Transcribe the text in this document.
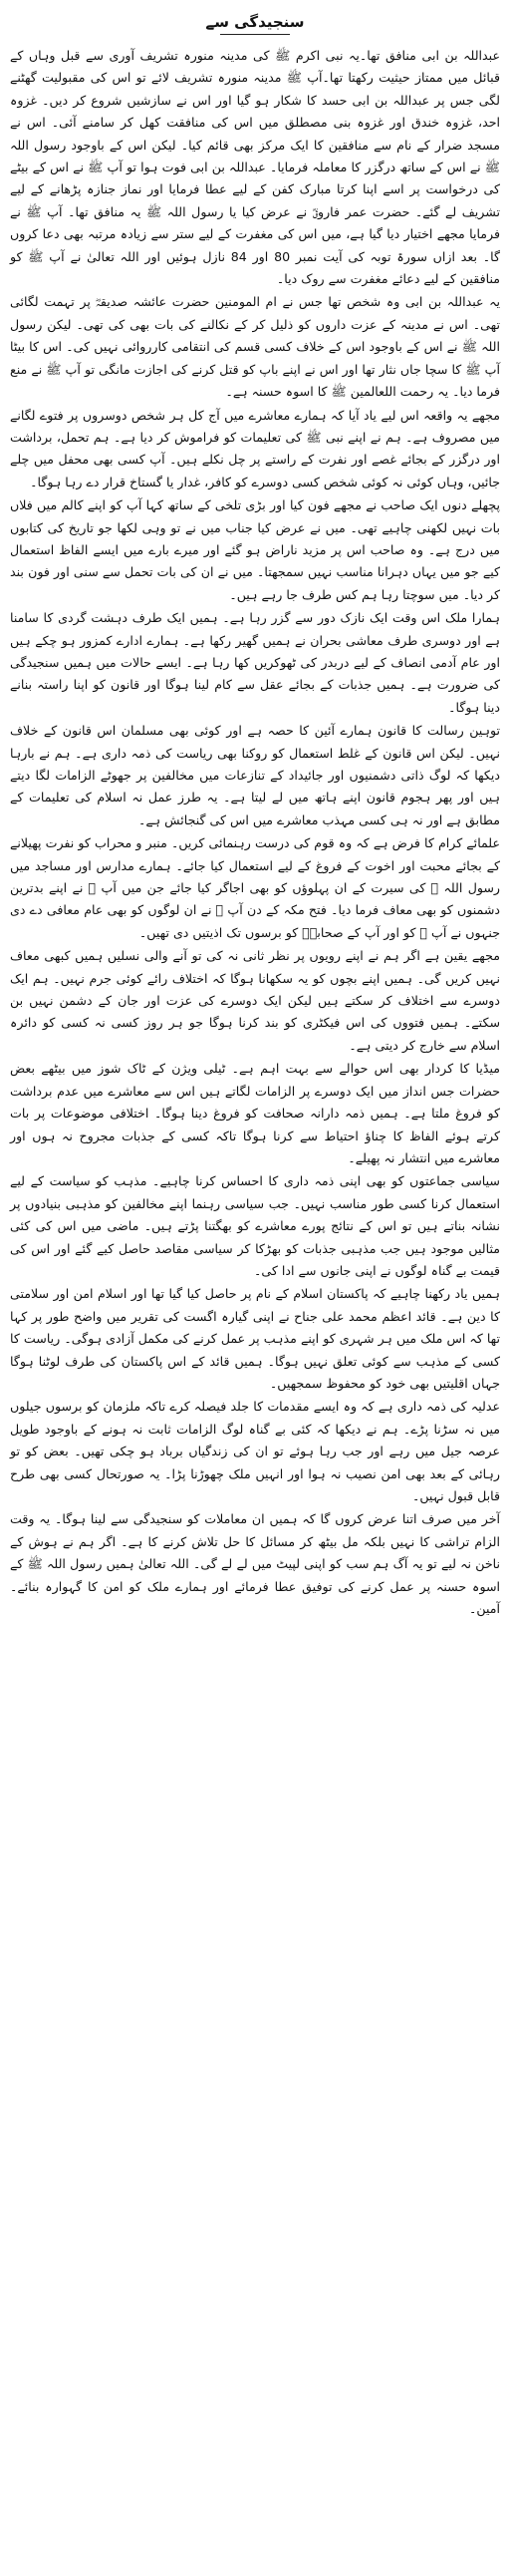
سنجیدگی سے

عبداللہ بن ابی منافق تھا۔یہ نبی اکرم ﷺ کی مدینہ منورہ تشریف آوری سے قبل وہاں کے قبائل میں ممتاز حیثیت رکھتا تھا۔آپ ﷺ مدینہ منورہ تشریف لائے تو اس کی مقبولیت گھٹنے لگی جس پر عبداللہ بن ابی حسد کا شکار ہو گیا اور اس نے سازشیں شروع کر دیں۔ غزوہ احد، غزوہ خندق اور غزوہ بنی مصطلق میں اس کی منافقت کھل کر سامنے آئی۔ اس نے مسجد ضرار کے نام سے منافقین کا ایک مرکز بھی قائم کیا۔ لیکن اس کے باوجود رسول اللہ ﷺ نے اس کے ساتھ درگزر کا معاملہ فرمایا۔ عبداللہ بن ابی فوت ہوا تو آپ ﷺ نے اس کے بیٹے کی درخواست پر اسے اپنا کرتا مبارک کفن کے لیے عطا فرمایا اور نماز جنازہ پڑھانے کے لیے تشریف لے گئے۔ حضرت عمر فاروقؓ نے عرض کیا یا رسول اللہ ﷺ یہ منافق تھا۔ آپ ﷺ نے فرمایا مجھے اختیار دیا گیا ہے، میں اس کی مغفرت کے لیے ستر سے زیادہ مرتبہ بھی دعا کروں گا۔ بعد ازاں سورۃ توبہ کی آیت نمبر 80 اور 84 نازل ہوئیں اور اللہ تعالیٰ نے آپ ﷺ کو منافقین کے لیے دعائے مغفرت سے روک دیا۔

یہ عبداللہ بن ابی وہ شخص تھا جس نے ام المومنین حضرت عائشہ صدیقہؓ پر تہمت لگائی تھی۔ اس نے مدینہ کے عزت داروں کو ذلیل کر کے نکالنے کی بات بھی کی تھی۔ لیکن رسول اللہ ﷺ نے اس کے باوجود اس کے خلاف کسی قسم کی انتقامی کارروائی نہیں کی۔ اس کا بیٹا آپ ﷺ کا سچا جاں نثار تھا اور اس نے اپنے باپ کو قتل کرنے کی اجازت مانگی تو آپ ﷺ نے منع فرما دیا۔ یہ رحمت اللعالمین ﷺ کا اسوہ حسنہ ہے۔

مجھے یہ واقعہ اس لیے یاد آیا کہ ہمارے معاشرے میں آج کل ہر شخص دوسروں پر فتوے لگانے میں مصروف ہے۔ ہم نے اپنے نبی ﷺ کی تعلیمات کو فراموش کر دیا ہے۔ ہم تحمل، برداشت اور درگزر کے بجائے غصے اور نفرت کے راستے پر چل نکلے ہیں۔ آپ کسی بھی محفل میں چلے جائیں، وہاں کوئی نہ کوئی شخص کسی دوسرے کو کافر، غدار یا گستاخ قرار دے رہا ہوگا۔

پچھلے دنوں ایک صاحب نے مجھے فون کیا اور بڑی تلخی کے ساتھ کہا آپ کو اپنے کالم میں فلاں بات نہیں لکھنی چاہیے تھی۔ میں نے عرض کیا جناب میں نے تو وہی لکھا جو تاریخ کی کتابوں میں درج ہے۔ وہ صاحب اس پر مزید ناراض ہو گئے اور میرے بارے میں ایسے الفاظ استعمال کیے جو میں یہاں دہرانا مناسب نہیں سمجھتا۔ میں نے ان کی بات تحمل سے سنی اور فون بند کر دیا۔ میں سوچتا رہا ہم کس طرف جا رہے ہیں۔

ہمارا ملک اس وقت ایک نازک دور سے گزر رہا ہے۔ ہمیں ایک طرف دہشت گردی کا سامنا ہے اور دوسری طرف معاشی بحران نے ہمیں گھیر رکھا ہے۔ ہمارے ادارے کمزور ہو چکے ہیں اور عام آدمی انصاف کے لیے دربدر کی ٹھوکریں کھا رہا ہے۔ ایسے حالات میں ہمیں سنجیدگی کی ضرورت ہے۔ ہمیں جذبات کے بجائے عقل سے کام لینا ہوگا اور قانون کو اپنا راستہ بنانے دینا ہوگا۔

توہین رسالت کا قانون ہمارے آئین کا حصہ ہے اور کوئی بھی مسلمان اس قانون کے خلاف نہیں۔ لیکن اس قانون کے غلط استعمال کو روکنا بھی ریاست کی ذمہ داری ہے۔ ہم نے بارہا دیکھا کہ لوگ ذاتی دشمنیوں اور جائیداد کے تنازعات میں مخالفین پر جھوٹے الزامات لگا دیتے ہیں اور پھر ہجوم قانون اپنے ہاتھ میں لے لیتا ہے۔ یہ طرز عمل نہ اسلام کی تعلیمات کے مطابق ہے اور نہ ہی کسی مہذب معاشرے میں اس کی گنجائش ہے۔

علمائے کرام کا فرض ہے کہ وہ قوم کی درست رہنمائی کریں۔ منبر و محراب کو نفرت پھیلانے کے بجائے محبت اور اخوت کے فروغ کے لیے استعمال کیا جائے۔ ہمارے مدارس اور مساجد میں رسول اللہ ﷺ کی سیرت کے ان پہلوؤں کو بھی اجاگر کیا جائے جن میں آپ ﷺ نے اپنے بدترین دشمنوں کو بھی معاف فرما دیا۔ فتح مکہ کے دن آپ ﷺ نے ان لوگوں کو بھی عام معافی دے دی جنہوں نے آپ ﷺ کو اور آپ کے صحابہؓ کو برسوں تک اذیتیں دی تھیں۔

مجھے یقین ہے اگر ہم نے اپنے رویوں پر نظر ثانی نہ کی تو آنے والی نسلیں ہمیں کبھی معاف نہیں کریں گی۔ ہمیں اپنے بچوں کو یہ سکھانا ہوگا کہ اختلاف رائے کوئی جرم نہیں۔ ہم ایک دوسرے سے اختلاف کر سکتے ہیں لیکن ایک دوسرے کی عزت اور جان کے دشمن نہیں بن سکتے۔ ہمیں فتووں کی اس فیکٹری کو بند کرنا ہوگا جو ہر روز کسی نہ کسی کو دائرہ اسلام سے خارج کر دیتی ہے۔

میڈیا کا کردار بھی اس حوالے سے بہت اہم ہے۔ ٹیلی ویژن کے ٹاک شوز میں بیٹھے بعض حضرات جس انداز میں ایک دوسرے پر الزامات لگاتے ہیں اس سے معاشرے میں عدم برداشت کو فروغ ملتا ہے۔ ہمیں ذمہ دارانہ صحافت کو فروغ دینا ہوگا۔ اختلافی موضوعات پر بات کرتے ہوئے الفاظ کا چناؤ احتیاط سے کرنا ہوگا تاکہ کسی کے جذبات مجروح نہ ہوں اور معاشرے میں انتشار نہ پھیلے۔

سیاسی جماعتوں کو بھی اپنی ذمہ داری کا احساس کرنا چاہیے۔ مذہب کو سیاست کے لیے استعمال کرنا کسی طور مناسب نہیں۔ جب سیاسی رہنما اپنے مخالفین کو مذہبی بنیادوں پر نشانہ بناتے ہیں تو اس کے نتائج پورے معاشرے کو بھگتنا پڑتے ہیں۔ ماضی میں اس کی کئی مثالیں موجود ہیں جب مذہبی جذبات کو بھڑکا کر سیاسی مقاصد حاصل کیے گئے اور اس کی قیمت بے گناہ لوگوں نے اپنی جانوں سے ادا کی۔

ہمیں یاد رکھنا چاہیے کہ پاکستان اسلام کے نام پر حاصل کیا گیا تھا اور اسلام امن اور سلامتی کا دین ہے۔ قائد اعظم محمد علی جناح نے اپنی گیارہ اگست کی تقریر میں واضح طور پر کہا تھا کہ اس ملک میں ہر شہری کو اپنے مذہب پر عمل کرنے کی مکمل آزادی ہوگی۔ ریاست کا کسی کے مذہب سے کوئی تعلق نہیں ہوگا۔ ہمیں قائد کے اس پاکستان کی طرف لوٹنا ہوگا جہاں اقلیتیں بھی خود کو محفوظ سمجھیں۔

عدلیہ کی ذمہ داری ہے کہ وہ ایسے مقدمات کا جلد فیصلہ کرے تاکہ ملزمان کو برسوں جیلوں میں نہ سڑنا پڑے۔ ہم نے دیکھا کہ کئی بے گناہ لوگ الزامات ثابت نہ ہونے کے باوجود طویل عرصہ جیل میں رہے اور جب رہا ہوئے تو ان کی زندگیاں برباد ہو چکی تھیں۔ بعض کو تو رہائی کے بعد بھی امن نصیب نہ ہوا اور انہیں ملک چھوڑنا پڑا۔ یہ صورتحال کسی بھی طرح قابل قبول نہیں۔

آخر میں صرف اتنا عرض کروں گا کہ ہمیں ان معاملات کو سنجیدگی سے لینا ہوگا۔ یہ وقت الزام تراشی کا نہیں بلکہ مل بیٹھ کر مسائل کا حل تلاش کرنے کا ہے۔ اگر ہم نے ہوش کے ناخن نہ لیے تو یہ آگ ہم سب کو اپنی لپیٹ میں لے لے گی۔ اللہ تعالیٰ ہمیں رسول اللہ ﷺ کے اسوہ حسنہ پر عمل کرنے کی توفیق عطا فرمائے اور ہمارے ملک کو امن کا گہوارہ بنائے۔ آمین۔
